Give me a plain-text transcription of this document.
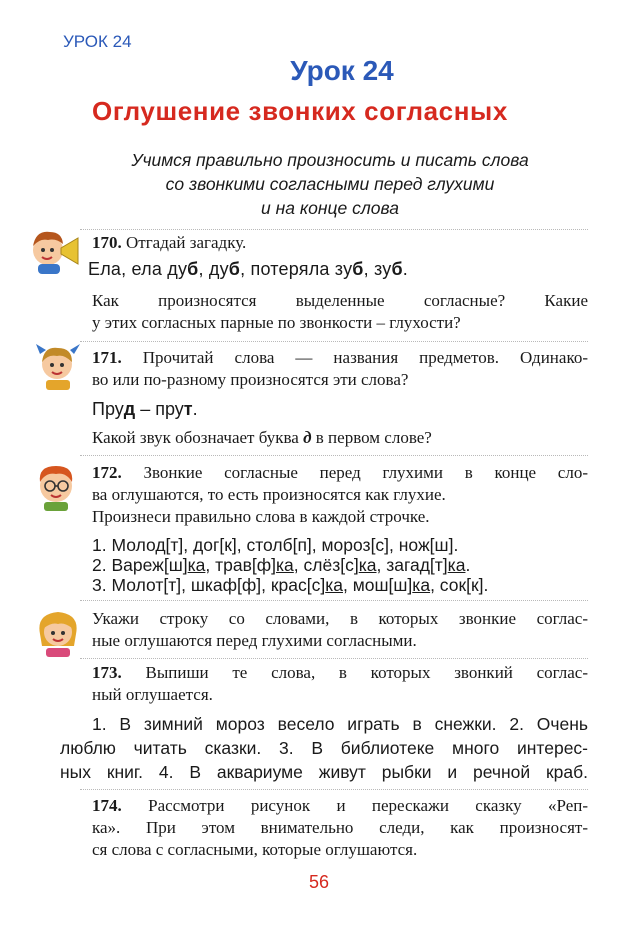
УРОК 24
Урок 24
Оглушение звонких согласных
Учимся правильно произносить и писать слова
со звонкими согласными перед глухими
и на конце слова
170. Отгадай загадку.
Ела, ела дуб, дуб, потеряла зуб, зуб.
Как произносятся выделенные согласные? Какие
у этих согласных парные по звонкости – глухости?
171. Прочитай слова — названия предметов. Одинако-
во или по-разному произносятся эти слова?
Пруд – прут.
Какой звук обозначает буква д в первом слове?
172. Звонкие согласные перед глухими в конце сло-
ва оглушаются, то есть произносятся как глухие.
Произнеси правильно слова в каждой строчке.
1. Молод[т], дог[к], столб[п], мороз[с], нож[ш].
2. Вареж[ш]ка, трав[ф]ка, слёз[с]ка, загад[т]ка.
3. Молот[т], шкаф[ф], крас[с]ка, мош[ш]ка, сок[к].
Укажи строку со словами, в которых звонкие соглас-
ные оглушаются перед глухими согласными.
173. Выпиши те слова, в которых звонкий соглас-
ный оглушается.
1. В зимний мороз весело играть в снежки. 2. Очень
люблю читать сказки. 3. В библиотеке много интерес-
ных книг. 4. В аквариуме живут рыбки и речной краб.
174. Рассмотри рисунок и перескажи сказку «Реп-
ка». При этом внимательно следи, как произносят-
ся слова с согласными, которые оглушаются.
56
